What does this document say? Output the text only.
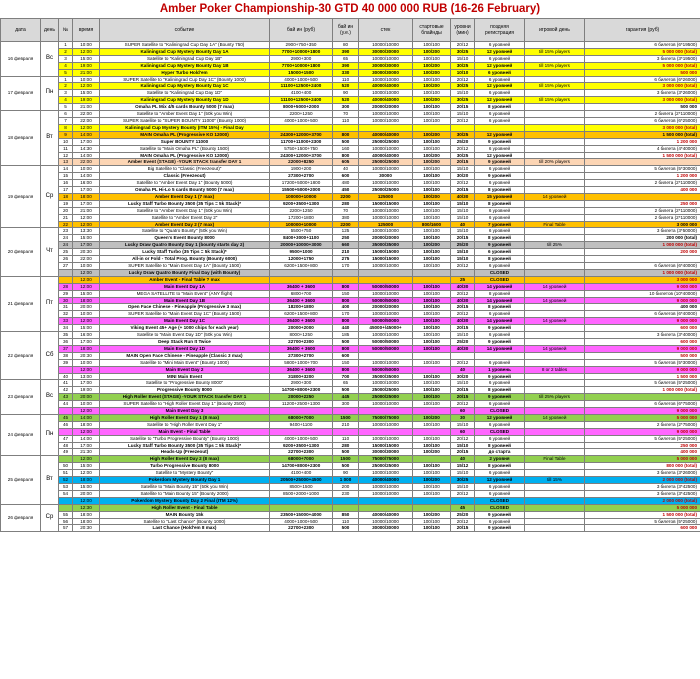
Amber Poker Championship-30 GTD 40 000 000 RUB (16-26 February)
дата	день	№	время	событие	бай ин (руб)	бай ин (у.е.)	стек	стартовые блайнды	уровни (мин)	поздняя регистрация	игровой день	гарантия (руб)
16 февраля	Вс	1	10:00	SUPER Satellite to "Kaliningrad Cup Day 1A" (Bounty 750)	2900+750+350	80	10000/10000	100/100	20/12	6 уровней		6 билетов (6*19500)
		2	12:00	Kaliningrad Cup Mystery Bounty Day 1A	7700+10000+1800	390	30000/30000	100/200	30/25	12 уровней	till 15% players	5 000 000 (total)
		3	15:00	Satellite to "Kaliningrad Cup Day 1B"	2900+300	65	10000/10000	100/100	15/10	6 уровней		3 билета (3*19500)
		4	19:00	Kaliningrad Cup Mystery Bounty Day 1B	7700+10000+1800	390	30000/30000	100/200	30/25	12 уровней	till 15% players	5 000 000 (total)
		5	21:00	Hyper Turbo Hold'em	15000+1500	330	30000/30000	100/200	10/10	6 уровней		500 000
17 февраля	Пн	1	10:00	SUPER Satellite to "Kaliningrad Cup Day 1C" (Bounty 1000)	4000+1000+500	110	10000/10000	100/100	20/12	6 уровней		6 билетов (6*26000)
		2	12:00	Kaliningrad Cup Mystery Bounty Day 1C	11100+12500+2400	520	40000/40000	100/200	30/25	12 уровней	till 15% players	3 000 000 (total)
		3	15:00	Satellite to "Kaliningrad Cup Day 1D"	4100+400	90	10000/10000	100/100	15/10	6 уровней		3 билета (3*26000)
		4	19:00	Kaliningrad Cup Mystery Bounty Day 1D	11100+12500+2400	520	40000/40000	100/200	30/25	12 уровней	till 15% players	3 000 000 (total)
		5	21:00	Omaha PL Mix 4/5 cards Bounty 5000 (7 max)	8000+5000+2000	300	20000/20000	100/100	20/15	8 уровней		500 000
18 февраля	Вт	6	22:00	Satellite to "Amber Event Day 1" (50k you Win)	2200+1250	70	10000/10000	100/100	15/10	6 уровней		2 билета (2*110000)
		7	22:00	SUPER Satellite to "SUPER BOUNTY 11000" (Bounty 1000)	4000+1000+500	110	10000/10000	100/100	20/12	6 уровней		6 билетов (6*25000)
		8	12:00	Kaliningrad Cup Mystery Bounty (ITM 15%) - Final Day								3 000 000 (total)
		9	14:00	MAIN Omaha PL (Progressive KO 12000)	24300+12000+3700	800	40000/40000	100/200	30/25	12 уровней		1 500 000 (total)
		10	17:00	Super BOUNTY 11000	11700+11000+2300	500	25000/25000	100/100	25/20	9 уровней		1 200 000
		11	14:30	Satellite to "Main Omaha PL" (Bounty 1500)	5750+1500+750	160	10000/10000	100/100	20/12	6 уровней		4 билета (4*40000)
		12	14:00	MAIN Omaha PL (Progressive KO 12000)	24300+12000+3700	800	40000/40000	100/200	30/25	12 уровней		1 500 000 (total)
		13	22:00	Amber Event (STAGE) -YOUR STACK transfer DAY 1	22000+8250	605	25000/25000	100/200	20/15	9 уровней	till 20% players	
19 февраля	Ср	14	10:00	Big Satellite to "Classic (Freezeout)"	1900+200	40	10000/10000	100/100	15/10	6 уровней		5 билетов (5*30000)
		15	14:00	Classic (Freezeout)	27300+2700	600	30000	100/100	30/20	9 уровней		1 200 000
		16	16:00	Satellite to "Amber Event Day 1" (Bounty 5000)	17200+5000+1800	480	10000/10000	100/100	20/12	6 уровней		2 билета (2*110000)
		17	17:00	Omaha PL Hi-Lo 5 cards Bounty 5000 (7 max)	15500+5000+2000	450	25000/25000	100/100	20/15	8 уровней		400 000
		18	18:00	Amber Event Day 1 (7 max)	100000+10000	2200	125000	100/200	40/30	15 уровней	14 уровней	
		19	17:00	Lucky Staff Turbo Bounty 3500 (35 Tips = 5k Stack)*	9200+3500+1300	280	15000/15000	100/100	15/10	8 уровней		250 000
		20	21:00	Satellite to "Amber Event Day 1" (50k you Win)	2200+1250	70	10000/10000	100/100	15/10	6 уровней		2 билета (2*110000)
		21	12:00	Satellite to "Amber Event Day 2"	17200+1800	380	10000/10000	100/100	15/10	6 уровней		2 билета (2*110000)
		22	12:00	Amber Event Day 2 (7 max)	100000+10000	2200	125000	800/1600	40	7 уровней	Final Table	3 000 000
20 февраля	Чт	23	13:30	Satellite to "Quatro Bounty" (50k you Win)	5500+750	125	10000/10000	100/100	15/10	6 уровней		3 билета (3*50000)
		24	15:00	Queen's Event Bounty 8000	8400+3000+1100	250	20000/20000	100/100	20/15	8 уровней		200 000 (total)
		24	17:00	Lucky Draw Quatro Bounty Day 1 (bounty starts day 2)	20000+10000+3000	660	35000/35000	100/200	25/20	9 уровней	till 25%	1 000 000 (total)
		25	20:30	Lucky Staff Turbo (35 Tips = 5k Stack)*	9500+1000	210	15000/15000	100/100	15/10	6 уровней		200 000
		26	22:00	All-in or Fold - Total Prog. Bounty (Bounty 6000)	12000+1750	275	15000/15000	100/100	15/10	8 уровней		
		27	10:00	SUPER Satellite to "Main Event Day 1A" (Bounty 1500)	6200+1500+800	170	10000/10000	100/100	20/12	6 уровней		6 билетов (6*40000)
			12:00	Lucky Draw Quatro Bounty Final Day (with Bounty)						CLOSED		1 000 000 (total)
21 февраля	Пт		12:00	Amber Event - Final Table ? max					25	CLOSED		3 000 000
		28	12:00	Main Event Day 1A	36400 + 3600	800	50000/50000	100/100	40/30	14 уровней	14 уровней	9 000 000
		29	15:00	MEGA SATELLITE to "Main Event" (ANY flight)	6800+700	150	10000/10000	100/100	20/12	8 уровней		10 билетов (10*40000)
		30	18:00	Main Event Day 1B	36400 + 3600	800	50000/50000	100/100	40/30	14 уровней	14 уровней	9 000 000
		31	20:00	Open Face Chinese - Pineapple (Progressive 3 max)	18200+1800	400	20000/20000	100/100	20/15	8 уровней		400 000
		32	10:00	SUPER Satellite to "Main Event Day 1C" (Bounty 1500)	6200+1500+800	170	10000/10000	100/100	20/12	6 уровней		6 билетов (6*40000)
		33	12:00	Main Event Day 1C	36400 + 3600	800	50000/50000	100/100	40/30	14 уровней	14 уровней	9 000 000
		34	15:00	Viking Event 45+ Age (+ 1000 chips for each year)	20000+2000	440	45000+/45000+	100/100	20/15	9 уровней		600 000
22 февраля	Сб	35	16:00	Satellite to "Main Event Day 1D" (50k you Win)	8000+1250	185	10000/10000	100/100	15/10	6 уровней		3 билета (3*40000)
		36	17:00	Deep Stack Run It Twice	22700+2300	500	50000/50000	100/100	25/20	9 уровней		600 000
		37	18:00	Main Event Day 1D	36400 + 3600	800	50000/50000	100/100	40/30	14 уровней	14 уровней	9 000 000
		38	20:30	MAIN Open Face Chinese - Pineapple (Classic 3 max)	27300+2700	600						500 000
		39	10:00	Satellite to "Mini Main Event" (Bounty 1000)	5800+1000+700	150	10000/10000	100/100	20/12	6 уровней		5 билетов (5*30000)
			12:00	Main Event Day 2	36400 + 3600	800	50000/50000		40	1 уровень	8 or 2 tables	9 000 000
		40	13:00	MINI Main Event	31800+3200	700	35000/35000	100/100	30/20	9 уровней		1 500 000
23 февраля	Вс	41	17:00	Satellite to "Progressive Bounty 8000"	2900+300	65	10000/10000	100/100	15/10	6 уровней		5 билетов (5*25000)
		42	19:00	Progressive Bounty 8000	14700+8000+2300	500	25000/25000	100/100	20/15	8 уровней		1 000 000 (total)
		43	20:00	High Roller Event (STAGE) -YOUR STACK transfer DAY 1	20000+2250	445	25000/25000	100/100	20/15	9 уровней	till 25% players	
		44	10:00	SUPER Satellite to "High Roller Event Day 1" (Bounty 2500)	11200+2500+1300	300	10000/10000	100/100	20/12	6 уровней		6 билетов (6*75000)
			12:00	Main Event Day 3					60	CLOSED		9 000 000
24 февраля	Пн	45	14:00	High Roller Event Day 1 (8 max)	68000+7000	1500	75000/75000	100/200	30	12 уровней	14 уровней	5 000 000
		46	18:00	Satellite to "High Roller Event Day 1"	9400+1100	210	10000/10000	100/100	15/10	6 уровней		2 билета (2*75000)
			12:00	Main Event - Final Table					60	CLOSED		9 000 000
		47	14:00	Satellite to "Turbo Progressive Bounty" (Bounty 1000)	4000+1000+500	110	10000/10000	100/100	20/12	6 уровней		5 билетов (5*25000)
		48	17:00	Lucky Staff Turbo Bounty 3500 (35 Tips = 5k Stack)*	9200+3500+1300	280	15000/15000	100/100	15/10	8 уровней		250 000
		49	21:30	Heads-Up (Freezeout)	22700+2300	500	30000/30000	100/200	20/15	до старта		400 000
25 февраля	Вт		12:00	High Roller Event Day 2 (8 max)	68000+7000	1500	75000/75000		40	2 уровня	Final Table	5 000 000
		50	15:00	Turbo Progressive Bounty 8000	14700+8000+2300	500	25000/25000	100/100	15/12	8 уровней		800 000 (total)
		51	12:00	Satellite to "Mystery Bounty"	4100+400	90	10000/10000	100/100	15/10	6 уровней		3 билета (3*26000)
		52	18:00	Pokerdom Mystery Bounty Day 1	20500+25000+4500	1 000	40000/40000	100/200	30/25	12 уровней	till 15%	2 000 000 (total)
		53	15:00	Satellite to "Main Bounty 15" (50k you Win)	8500+1500	200	10000/10000	100/100	15/10	6 уровней		3 билета (3*42500)
		54	20:00	Satellite to "Main Bounty 15" (Bounty 2000)	8500+2000+1000	230	10000/10000	100/100	20/12	6 уровней		3 билета (3*42500)
			12:00	Pokerdom Mystery Bounty Day 2 Final (ITM 12%)						CLOSED		2 000 000 (total)
26 февраля	Ср		12:30	High Roller Event - Final Table					45	CLOSED		5 000 000
		55	18:00	MAIN Bounty 15k	23500+15000+4000	850	40000/40000	100/200	25/20	9 уровней		1 500 000 (total)
		56	18:00	Satellite to "Last Chance" (Bounty 1000)	4000+1000+500	110	10000/10000	100/100	20/12	6 уровней		5 билетов (5*25000)
		57	20:30	Last Chance (Hold'em 8 max)	22700+2300	500	30000/30000	100/100	20/15	9 уровней		600 000
